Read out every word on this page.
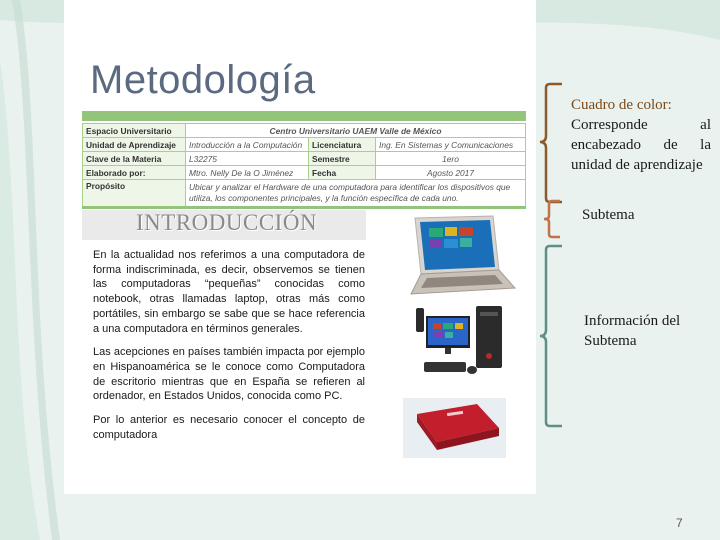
Metodología
Espacio Universitario	Centro Universitario UAEM Valle de México		
Unidad de Aprendizaje	Introducción a la Computación	Licenciatura	Ing. En Sistemas y Comunicaciones
Clave de la Materia	L32275	Semestre	1ero
Elaborado por:	Mtro. Nelly De la O Jiménez	Fecha	Agosto 2017
Propósito	Ubicar y analizar el Hardware de una computadora para identificar los dispositivos que utiliza, los componentes principales, y la función específica de cada uno.		
INTRODUCCIÓN

En la actualidad nos referimos a una computadora de forma indiscriminada, es decir, observemos se tienen las computadoras “pequeñas” conocidas como notebook, otras llamadas laptop, otras más como portátiles, sin embargo se sabe que se hace referencia a una computadora en términos generales.

Las acepciones en países también impacta por ejemplo en Hispanoamérica se le conoce como Computadora de escritorio mientras que en España se refieren al ordenador, en Estados Unidos, conocida como PC.

Por lo anterior es necesario conocer el concepto de computadora

Cuadro de color:
Corresponde al encabezado de la unidad de aprendizaje
Subtema
Información del Subtema
7
